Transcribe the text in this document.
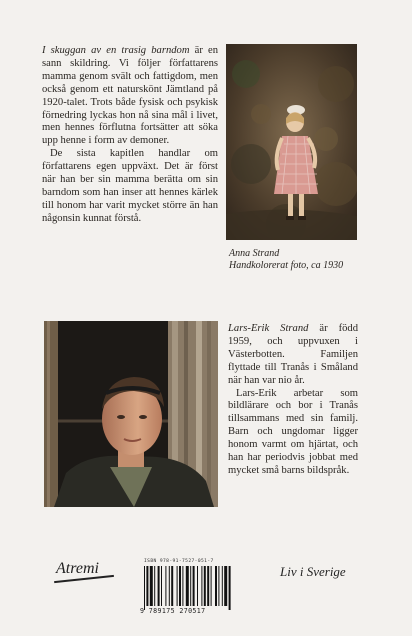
I skuggan av en trasig barndom är en sann skildring. Vi följer författarens mamma genom svält och fattigdom, men också genom ett naturskönt Jämtland på 1920-talet. Trots både fysisk och psykisk förnedring lyckas hon nå sina mål i livet, men hennes förflutna fortsätter att söka upp henne i form av demoner.

De sista kapitlen handlar om författarens egen uppväxt. Det är först när han ber sin mamma berätta om sin barndom som han inser att hennes kärlek till honom har varit mycket större än han någonsin kunnat förstå.

Anna Strand
Handkolorerat foto, ca 1930

Lars-Erik Strand är född 1959, och uppvuxen i Västerbotten. Familjen flyttade till Tranås i Småland när han var nio år.

Lars-Erik arbetar som bildlärare och bor i Tranås tillsammans med sin familj. Barn och ungdomar ligger honom varmt om hjärtat, och han har periodvis jobbat med mycket små barns bildspråk.

Atremi	ISBN 978-91-7527-051-7
9 789175 270517
Liv i Sverige
